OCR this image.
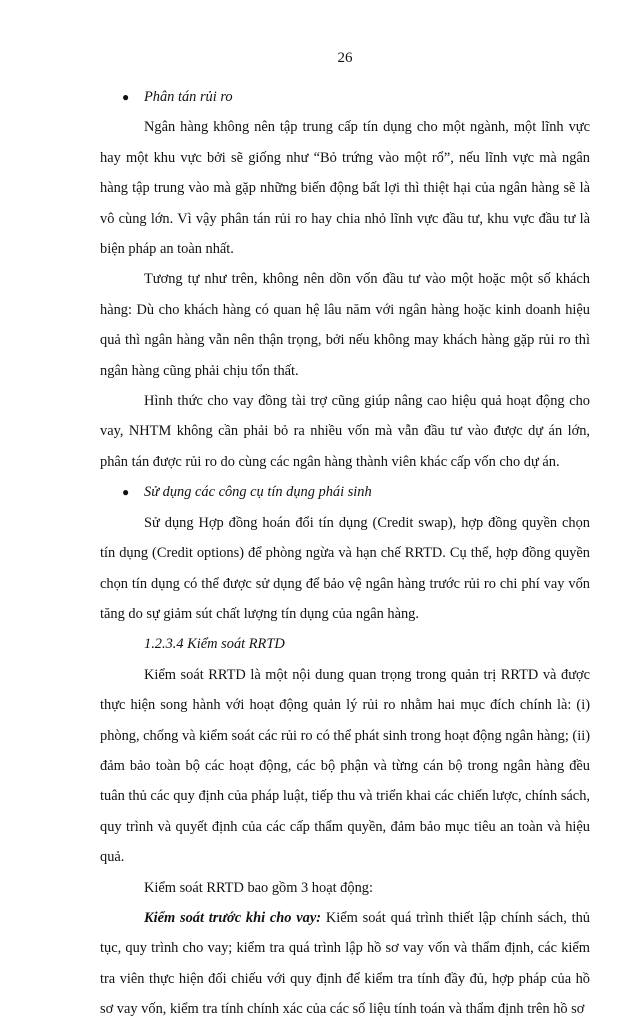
26
●	Phân tán rủi ro

Ngân hàng không nên tập trung cấp tín dụng cho một ngành, một lĩnh vực hay một khu vực bởi sẽ giống như “Bỏ trứng vào một rổ”, nếu lĩnh vực mà ngân hàng tập trung vào mà gặp những biến động bất lợi thì thiệt hại của ngân hàng sẽ là vô cùng lớn. Vì vậy phân tán rủi ro hay chia nhỏ lĩnh vực đầu tư, khu vực đầu tư là biện pháp an toàn nhất.

Tương tự như trên, không nên dồn vốn đầu tư vào một hoặc một số khách hàng: Dù cho khách hàng có quan hệ lâu năm với ngân hàng hoặc kinh doanh hiệu quả thì ngân hàng vẫn nên thận trọng, bởi nếu không may khách hàng gặp rủi ro thì ngân hàng cũng phải chịu tổn thất.

Hình thức cho vay đồng tài trợ cũng giúp nâng cao hiệu quả hoạt động cho vay, NHTM không cần phải bỏ ra nhiều vốn mà vẫn đầu tư vào được dự án lớn, phân tán được rủi ro do cùng các ngân hàng thành viên khác cấp vốn cho dự án.

●	Sử dụng các công cụ tín dụng phái sinh

Sử dụng Hợp đồng hoán đổi tín dụng (Credit swap), hợp đồng quyền chọn tín dụng (Credit options) để phòng ngừa và hạn chế RRTD. Cụ thể, hợp đồng quyền chọn tín dụng có thể được sử dụng để bảo vệ ngân hàng trước rủi ro chi phí vay vốn tăng do sự giảm sút chất lượng tín dụng của ngân hàng.

1.2.3.4 Kiểm soát RRTD

Kiểm soát RRTD là một nội dung quan trọng trong quản trị RRTD và được thực hiện song hành với hoạt động quản lý rủi ro nhằm hai mục đích chính là: (i) phòng, chống và kiểm soát các rủi ro có thể phát sinh trong hoạt động ngân hàng; (ii) đảm bảo toàn bộ các hoạt động, các bộ phận và từng cán bộ trong ngân hàng đều tuân thủ các quy định của pháp luật, tiếp thu và triển khai các chiến lược, chính sách, quy trình và quyết định của các cấp thẩm quyền, đảm bảo mục tiêu an toàn và hiệu quả.

Kiểm soát RRTD bao gồm 3 hoạt động:

Kiểm soát trước khi cho vay: Kiểm soát quá trình thiết lập chính sách, thủ tục, quy trình cho vay; kiểm tra quá trình lập hồ sơ vay vốn và thẩm định, các kiểm tra viên thực hiện đối chiếu với quy định để kiểm tra tính đầy đủ, hợp pháp của hồ sơ vay vốn, kiểm tra tính chính xác của các số liệu tính toán và thẩm định trên hồ sơ
